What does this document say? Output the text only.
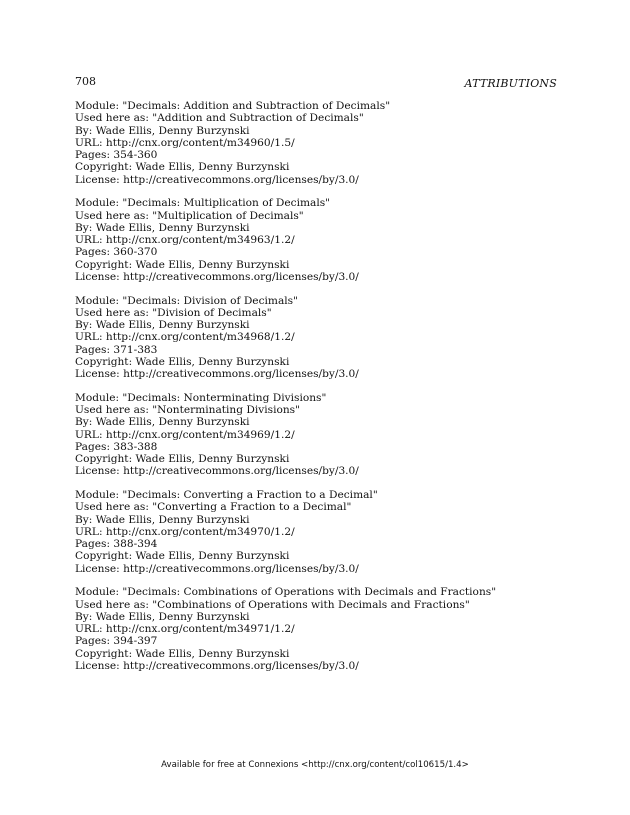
708	ATTRIBUTIONS
Module: "Decimals: Addition and Subtraction of Decimals"
Used here as: "Addition and Subtraction of Decimals"
By: Wade Ellis, Denny Burzynski
URL: http://cnx.org/content/m34960/1.5/
Pages: 354-360
Copyright: Wade Ellis, Denny Burzynski
License: http://creativecommons.org/licenses/by/3.0/
Module: "Decimals: Multiplication of Decimals"
Used here as: "Multiplication of Decimals"
By: Wade Ellis, Denny Burzynski
URL: http://cnx.org/content/m34963/1.2/
Pages: 360-370
Copyright: Wade Ellis, Denny Burzynski
License: http://creativecommons.org/licenses/by/3.0/
Module: "Decimals: Division of Decimals"
Used here as: "Division of Decimals"
By: Wade Ellis, Denny Burzynski
URL: http://cnx.org/content/m34968/1.2/
Pages: 371-383
Copyright: Wade Ellis, Denny Burzynski
License: http://creativecommons.org/licenses/by/3.0/
Module: "Decimals: Nonterminating Divisions"
Used here as: "Nonterminating Divisions"
By: Wade Ellis, Denny Burzynski
URL: http://cnx.org/content/m34969/1.2/
Pages: 383-388
Copyright: Wade Ellis, Denny Burzynski
License: http://creativecommons.org/licenses/by/3.0/
Module: "Decimals: Converting a Fraction to a Decimal"
Used here as: "Converting a Fraction to a Decimal"
By: Wade Ellis, Denny Burzynski
URL: http://cnx.org/content/m34970/1.2/
Pages: 388-394
Copyright: Wade Ellis, Denny Burzynski
License: http://creativecommons.org/licenses/by/3.0/
Module: "Decimals: Combinations of Operations with Decimals and Fractions"
Used here as: "Combinations of Operations with Decimals and Fractions"
By: Wade Ellis, Denny Burzynski
URL: http://cnx.org/content/m34971/1.2/
Pages: 394-397
Copyright: Wade Ellis, Denny Burzynski
License: http://creativecommons.org/licenses/by/3.0/
Available for free at Connexions <http://cnx.org/content/col10615/1.4>
